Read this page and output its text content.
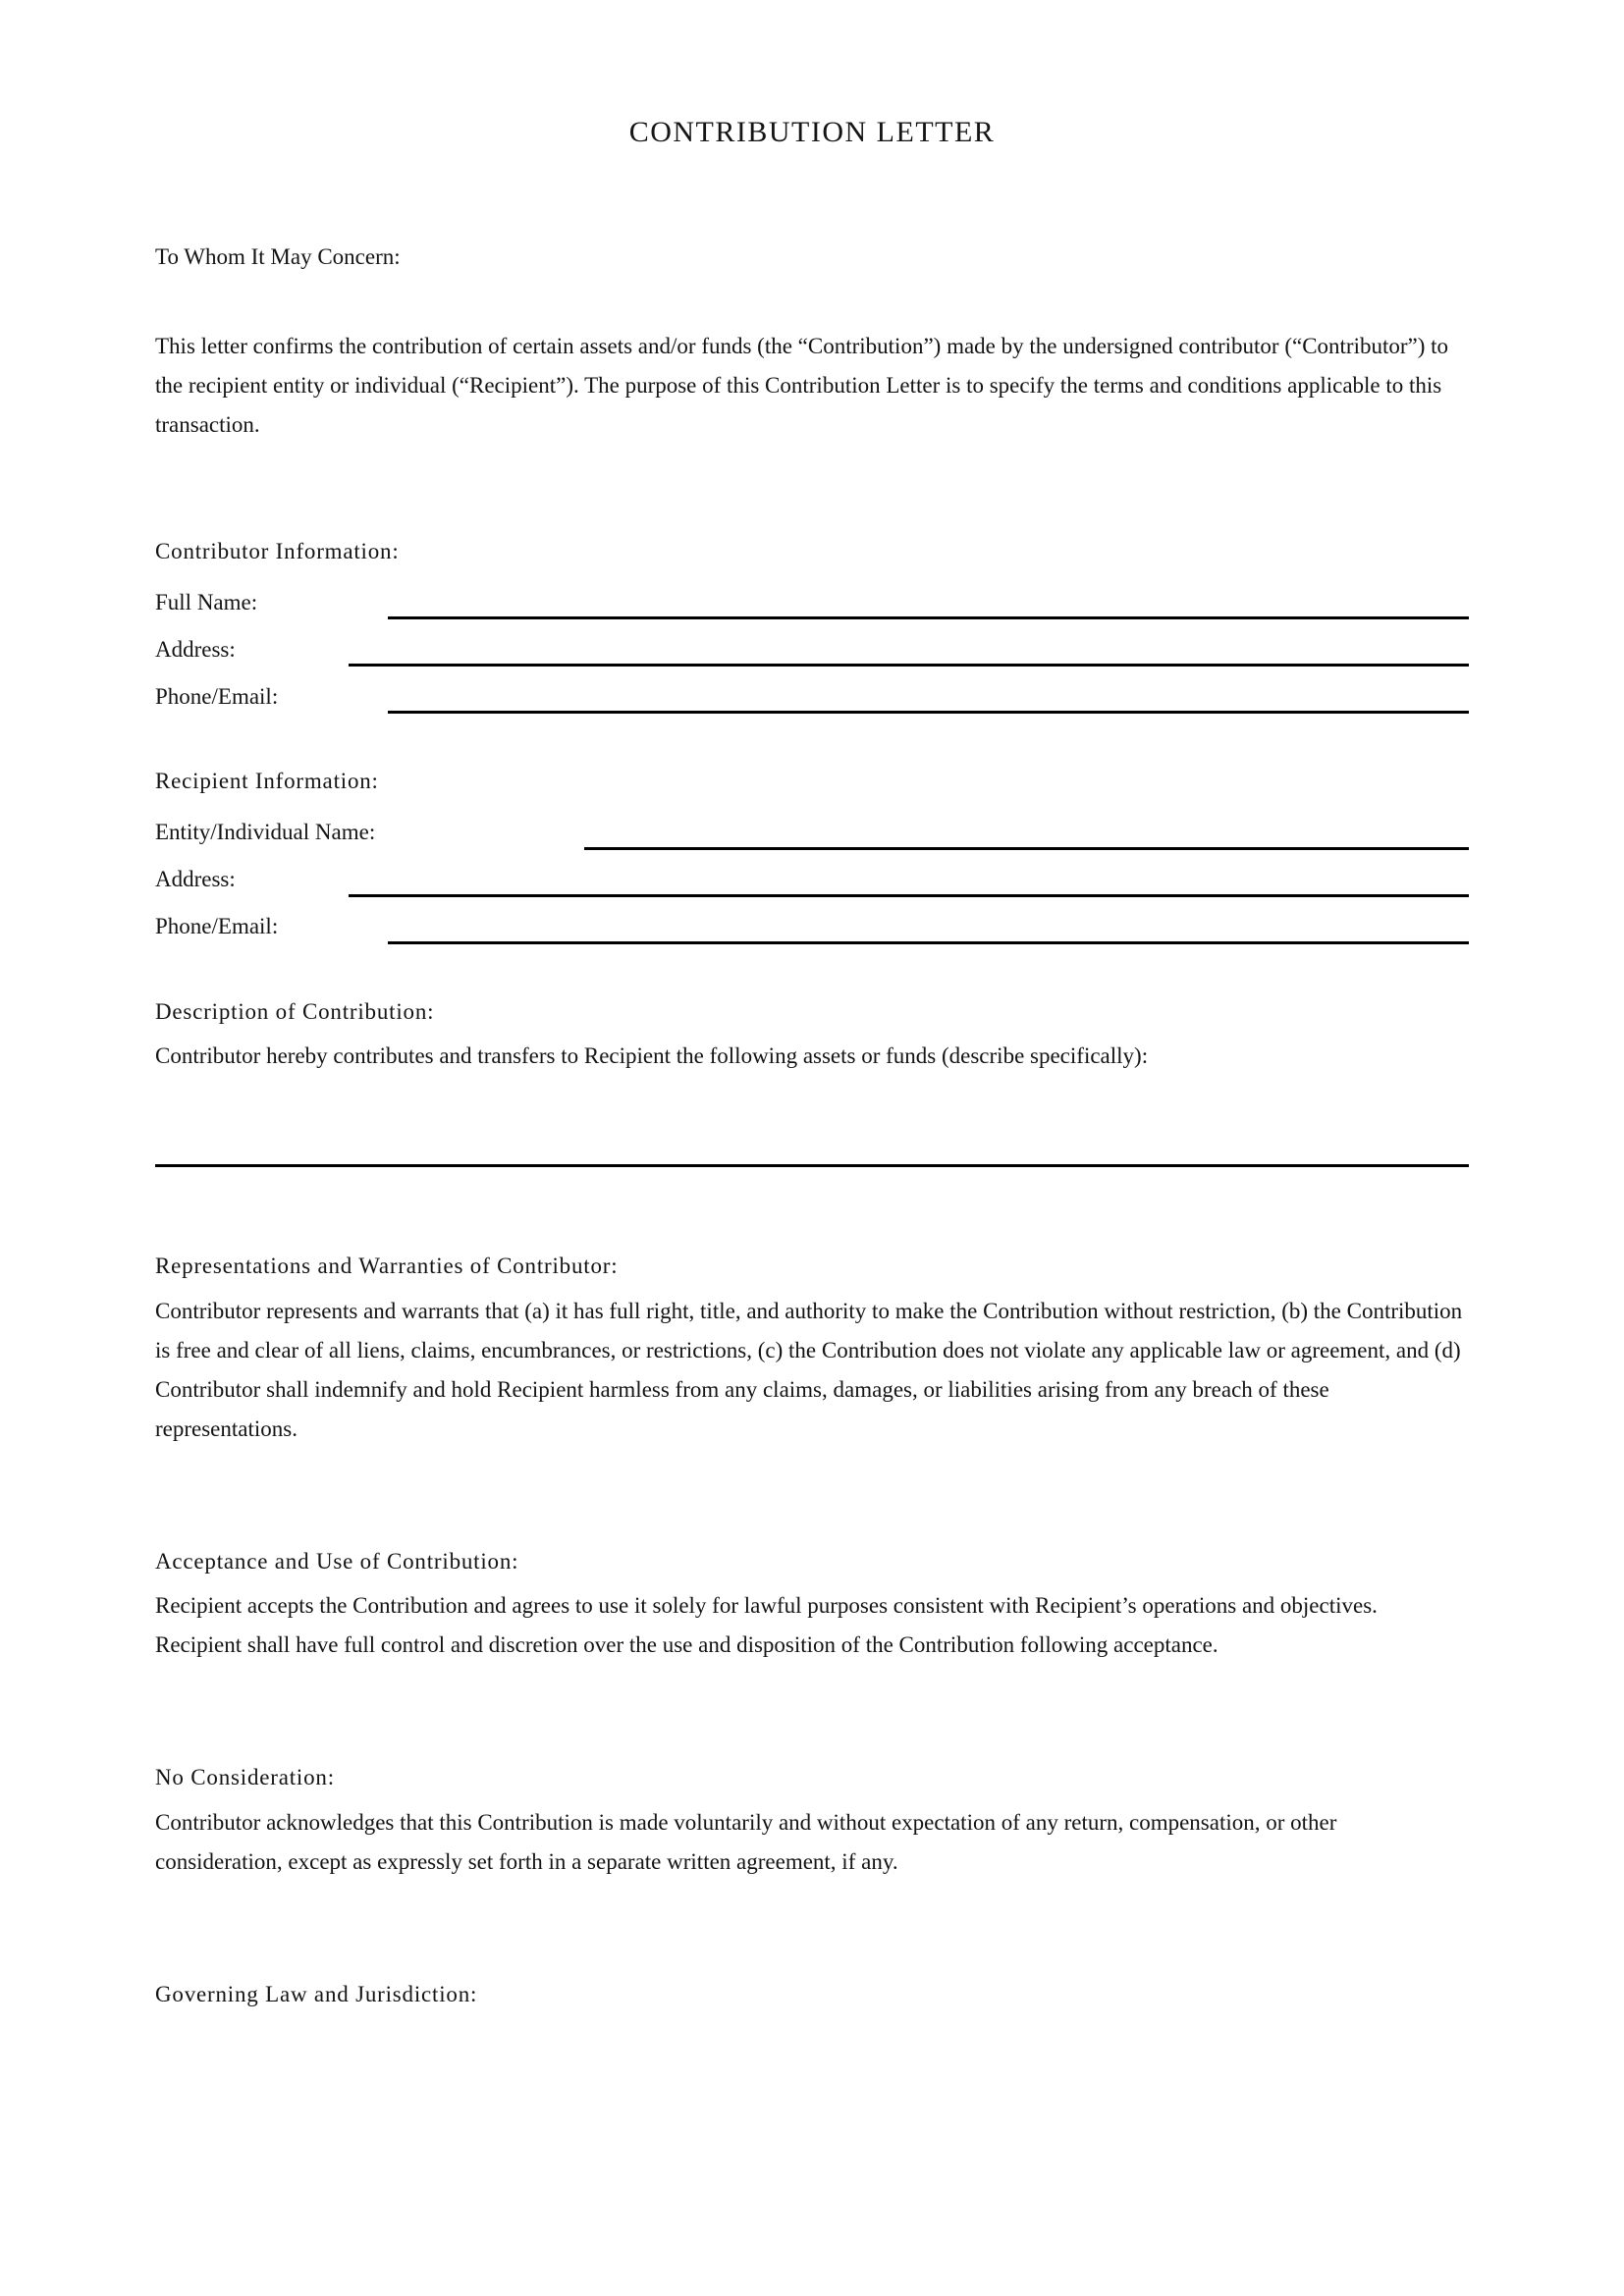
CONTRIBUTION LETTER

To Whom It May Concern:

This letter confirms the contribution of certain assets and/or funds (the “Contribution”) made by the undersigned contributor (“Contributor”) to the recipient entity or individual (“Recipient”). The purpose of this Contribution Letter is to specify the terms and conditions applicable to this transaction.

Contributor Information:
Full Name:
Address:
Phone/Email:
Recipient Information:
Entity/Individual Name:
Address:
Phone/Email:
Description of Contribution:

Contributor hereby contributes and transfers to Recipient the following assets or funds (describe specifically):

Representations and Warranties of Contributor:

Contributor represents and warrants that (a) it has full right, title, and authority to make the Contribution without restriction, (b) the Contribution is free and clear of all liens, claims, encumbrances, or restrictions, (c) the Contribution does not violate any applicable law or agreement, and (d) Contributor shall indemnify and hold Recipient harmless from any claims, damages, or liabilities arising from any breach of these representations.

Acceptance and Use of Contribution:

Recipient accepts the Contribution and agrees to use it solely for lawful purposes consistent with Recipient’s operations and objectives. Recipient shall have full control and discretion over the use and disposition of the Contribution following acceptance.

No Consideration:

Contributor acknowledges that this Contribution is made voluntarily and without expectation of any return, compensation, or other consideration, except as expressly set forth in a separate written agreement, if any.

Governing Law and Jurisdiction:
